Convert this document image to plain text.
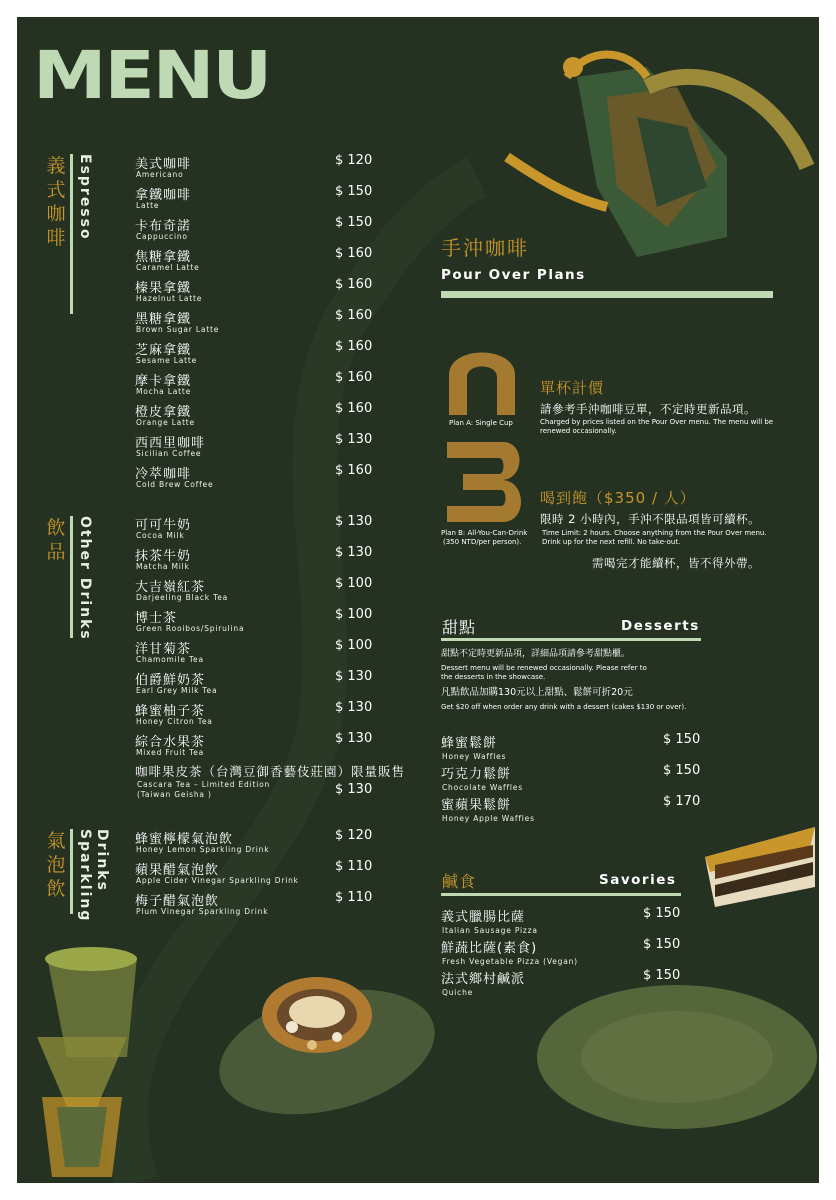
MENU
義式咖啡 Espresso	美式咖啡
Americano
$ 120
拿鐵咖啡
Latte
$ 150
卡布奇諾
Cappuccino
$ 150
焦糖拿鐵
Caramel Latte
$ 160
榛果拿鐵
Hazelnut Latte
$ 160
黑糖拿鐵
Brown Sugar Latte
$ 160
芝麻拿鐵
Sesame Latte
$ 160
摩卡拿鐵
Mocha Latte
$ 160
橙皮拿鐵
Orange Latte
$ 160
西西里咖啡
Sicilian Coffee
$ 130
冷萃咖啡
Cold Brew Coffee
$ 160
飲品 Other Drinks	可可牛奶
Cocoa Milk
$ 130
抹茶牛奶
Matcha Milk
$ 130
大吉嶺紅茶
Darjeeling Black Tea
$ 100
博士茶
Green Rooibos/Spirulina
$ 100
洋甘菊茶
Chamomile Tea
$ 100
伯爵鮮奶茶
Earl Grey Milk Tea
$ 130
蜂蜜柚子茶
Honey Citron Tea
$ 130
綜合水果茶
Mixed Fruit Tea
$ 130
咖啡果皮茶（台灣豆御香藝伎莊園）限量販售
Cascara Tea – Limited Edition
(Taiwan Geisha )	$ 130
氣泡飲 Sparkling Drinks 蜂蜜檸檬氣泡飲
Honey Lemon Sparkling Drink
$ 120
蘋果醋氣泡飲
Apple Cider Vinegar Sparkling Drink
$ 110
梅子醋氣泡飲
Plum Vinegar Sparkling Drink
$ 110
手沖咖啡
Pour Over Plans
Plan A: Single Cup
單杯計價
請參考手沖咖啡豆單，不定時更新品項。
Charged by prices listed on the Pour Over menu. The menu will be
renewed occasionally.
Plan B: All-You-Can-Drink
(350 NTD/per person).
喝到飽（$350 / 人）
限時 2 小時內，手沖不限品項皆可續杯。
Time Limit: 2 hours. Choose anything from the Pour Over menu.
Drink up for the next refill. No take-out.
需喝完才能續杯，皆不得外帶。
甜點	Desserts
甜點不定時更新品項，詳細品項請參考甜點櫃。
Dessert menu will be renewed occasionally. Please refer to
the desserts in the showcase.
凡點飲品加購130元以上甜點、鬆餅可折20元
Get $20 off when order any drink with a dessert (cakes $130 or over).
蜂蜜鬆餅
Honey Waffles
$ 150
巧克力鬆餅
Chocolate Waffles
$ 150
蜜蘋果鬆餅
Honey Apple Waffles
$ 170
鹹食	Savories
義式臘腸比薩
Italian Sausage Pizza
$ 150
鮮蔬比薩(素食)
Fresh Vegetable Pizza (Vegan)
$ 150
法式鄉村鹹派
Quiche
$ 150
